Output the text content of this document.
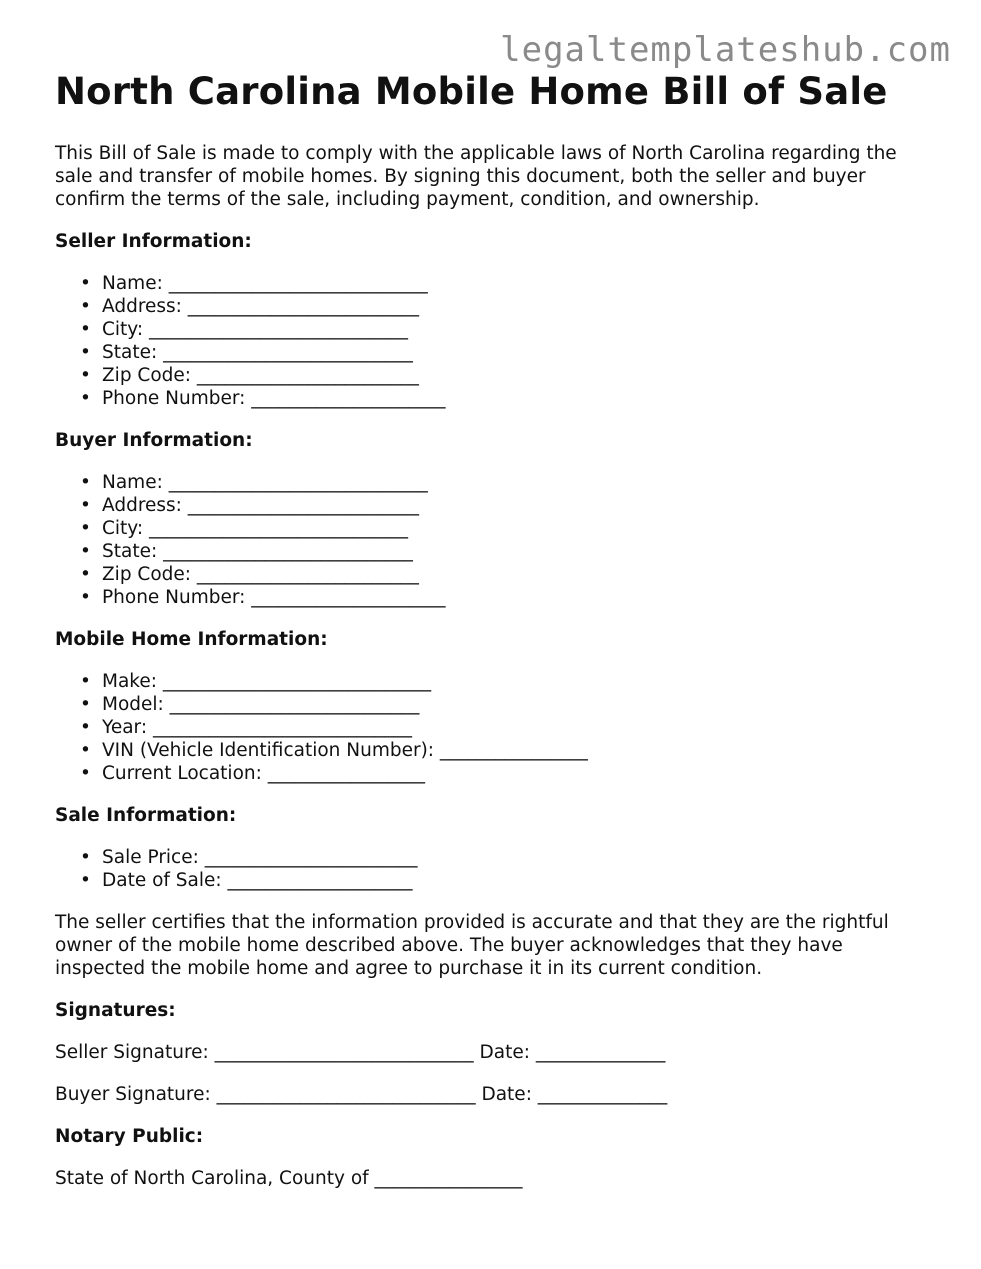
legaltemplateshub.com
North Carolina Mobile Home Bill of Sale

This Bill of Sale is made to comply with the applicable laws of North Carolina regarding the sale and transfer of mobile homes. By signing this document, both the seller and buyer confirm the terms of the sale, including payment, condition, and ownership.

Seller Information:
• Name: ____________________________
• Address: _________________________
• City: ____________________________
• State: ___________________________
• Zip Code: ________________________
• Phone Number: _____________________
Buyer Information:
• Name: ____________________________
• Address: _________________________
• City: ____________________________
• State: ___________________________
• Zip Code: ________________________
• Phone Number: _____________________
Mobile Home Information:
• Make: _____________________________
• Model: ___________________________
• Year: ____________________________
• VIN (Vehicle Identification Number): ________________
• Current Location: _________________
Sale Information:
• Sale Price: _______________________
• Date of Sale: ____________________

The seller certifies that the information provided is accurate and that they are the rightful owner of the mobile home described above. The buyer acknowledges that they have inspected the mobile home and agree to purchase it in its current condition.

Signatures:

Seller Signature: ____________________________ Date: ______________

Buyer Signature: ____________________________ Date: ______________

Notary Public:

State of North Carolina, County of ________________
